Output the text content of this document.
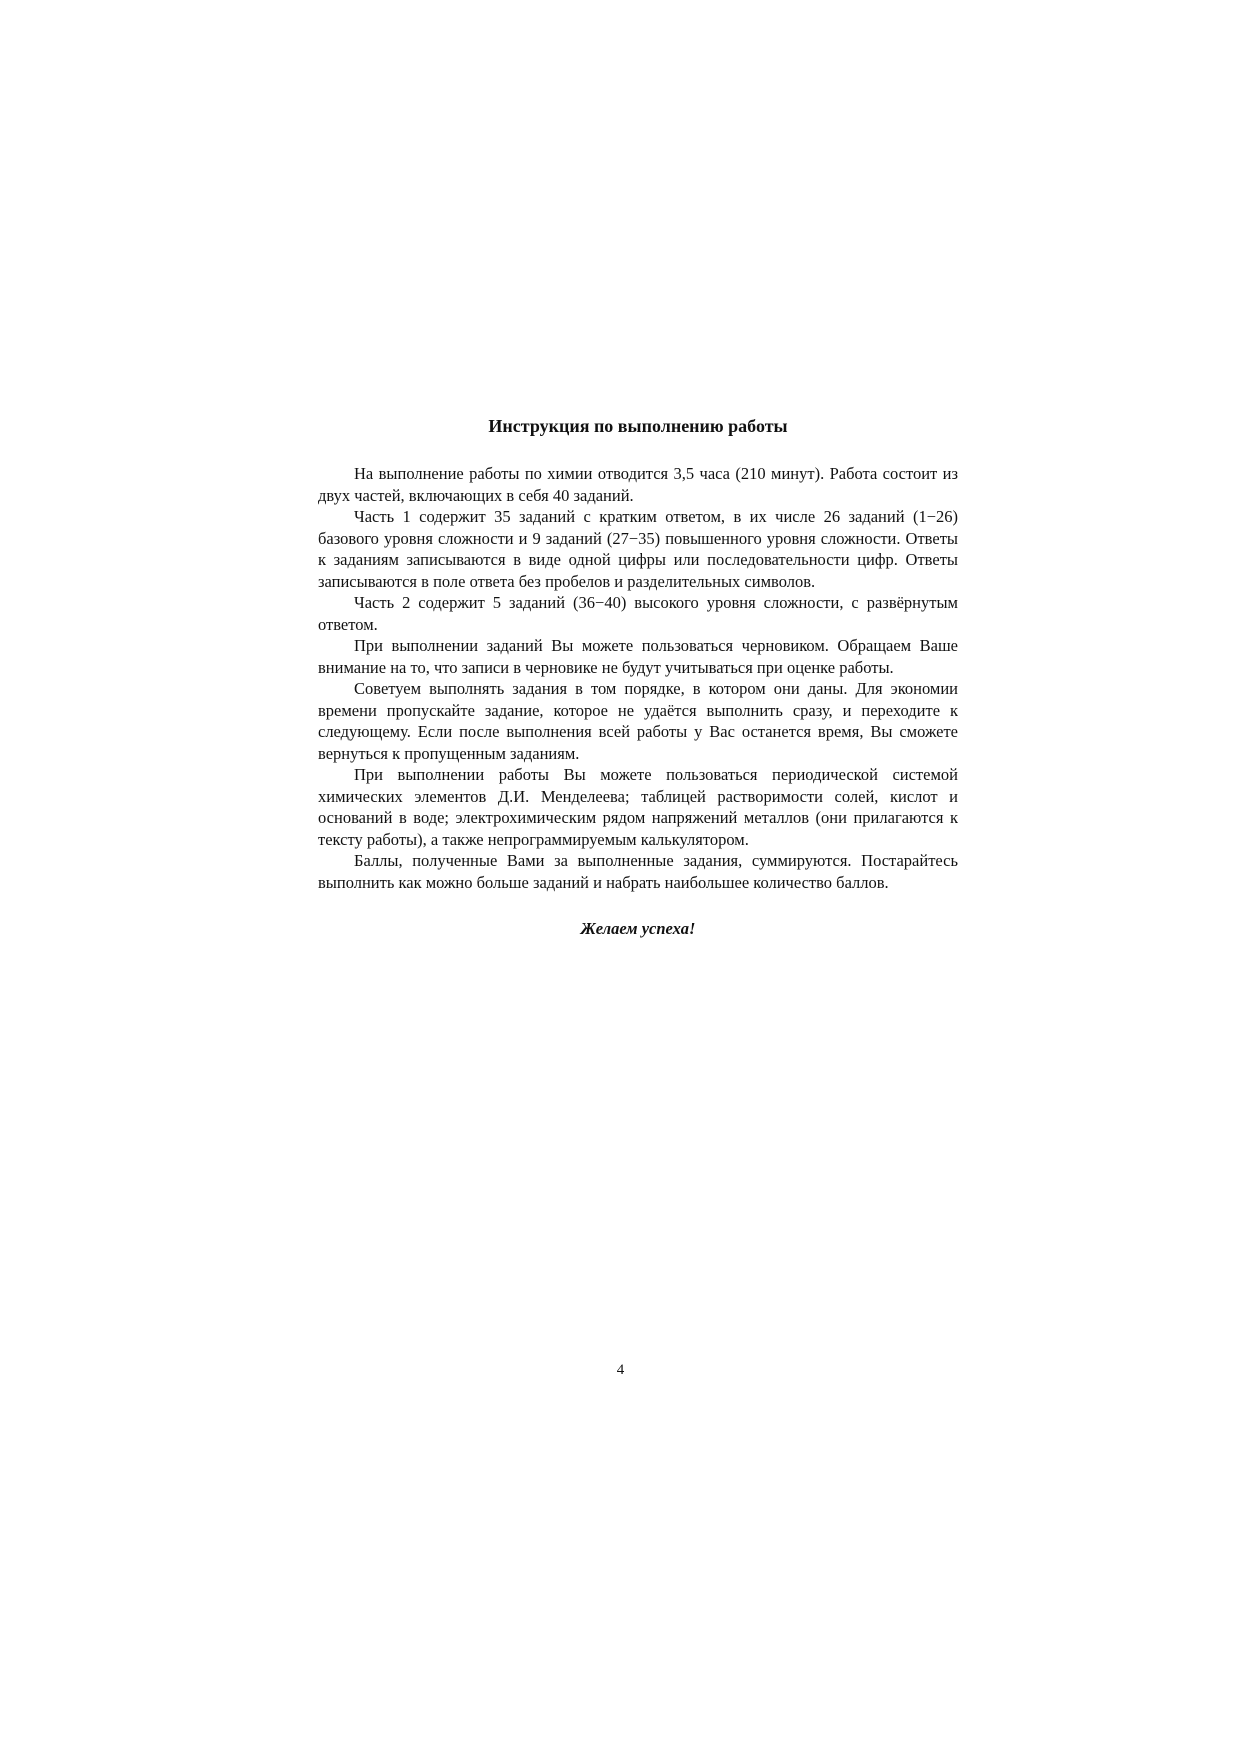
Инструкция по выполнению работы

На выполнение работы по химии отводится 3,5 часа (210 минут). Работа состоит из двух частей, включающих в себя 40 заданий.

Часть 1 содержит 35 заданий с кратким ответом, в их числе 26 заданий (1−26) базового уровня сложности и 9 заданий (27−35) повышенного уровня сложности. Ответы к заданиям записываются в виде одной цифры или последовательности цифр. Ответы записываются в поле ответа без пробелов и разделительных символов.

Часть 2 содержит 5 заданий (36−40) высокого уровня сложности, с развёрнутым ответом.

При выполнении заданий Вы можете пользоваться черновиком. Обращаем Ваше внимание на то, что записи в черновике не будут учитываться при оценке работы.

Советуем выполнять задания в том порядке, в котором они даны. Для экономии времени пропускайте задание, которое не удаётся выполнить сразу, и переходите к следующему. Если после выполнения всей работы у Вас останется время, Вы сможете вернуться к пропущенным заданиям.

При выполнении работы Вы можете пользоваться периодической системой химических элементов Д.И. Менделеева; таблицей растворимости солей, кислот и оснований в воде; электрохимическим рядом напряжений металлов (они прилагаются к тексту работы), а также непрограммируемым калькулятором.

Баллы, полученные Вами за выполненные задания, суммируются. Постарайтесь выполнить как можно больше заданий и набрать наибольшее количество баллов.

Желаем успеха!

4
